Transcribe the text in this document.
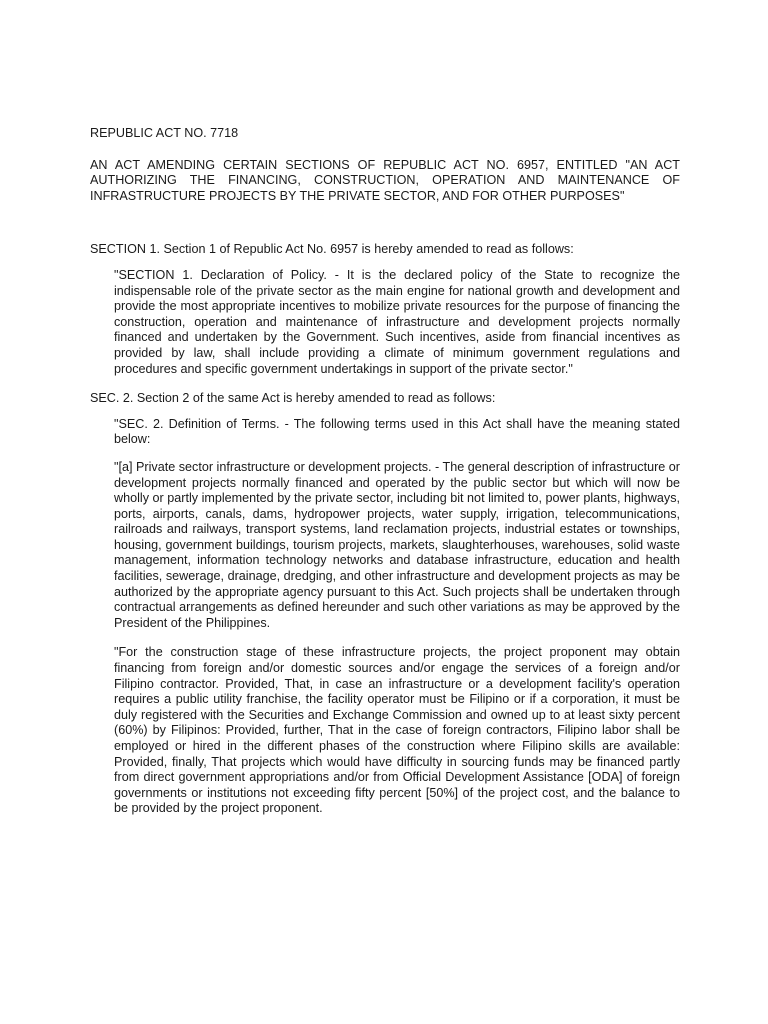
REPUBLIC ACT NO. 7718

AN ACT AMENDING CERTAIN SECTIONS OF REPUBLIC ACT NO. 6957, ENTITLED "AN ACT AUTHORIZING THE FINANCING, CONSTRUCTION, OPERATION AND MAINTENANCE OF INFRASTRUCTURE PROJECTS BY THE PRIVATE SECTOR, AND FOR OTHER PURPOSES"

SECTION 1. Section 1 of Republic Act No. 6957 is hereby amended to read as follows:

"SECTION 1. Declaration of Policy. - It is the declared policy of the State to recognize the indispensable role of the private sector as the main engine for national growth and development and provide the most appropriate incentives to mobilize private resources for the purpose of financing the construction, operation and maintenance of infrastructure and development projects normally financed and undertaken by the Government. Such incentives, aside from financial incentives as provided by law, shall include providing a climate of minimum government regulations and procedures and specific government undertakings in support of the private sector."

SEC. 2. Section 2 of the same Act is hereby amended to read as follows:

"SEC. 2. Definition of Terms. - The following terms used in this Act shall have the meaning stated below:

"[a] Private sector infrastructure or development projects. - The general description of infrastructure or development projects normally financed and operated by the public sector but which will now be wholly or partly implemented by the private sector, including bit not limited to, power plants, highways, ports, airports, canals, dams, hydropower projects, water supply, irrigation, telecommunications, railroads and railways, transport systems, land reclamation projects, industrial estates or townships, housing, government buildings, tourism projects, markets, slaughterhouses, warehouses, solid waste management, information technology networks and database infrastructure, education and health facilities, sewerage, drainage, dredging, and other infrastructure and development projects as may be authorized by the appropriate agency pursuant to this Act. Such projects shall be undertaken through contractual arrangements as defined hereunder and such other variations as may be approved by the President of the Philippines.

"For the construction stage of these infrastructure projects, the project proponent may obtain financing from foreign and/or domestic sources and/or engage the services of a foreign and/or Filipino contractor. Provided, That, in case an infrastructure or a development facility's operation requires a public utility franchise, the facility operator must be Filipino or if a corporation, it must be duly registered with the Securities and Exchange Commission and owned up to at least sixty percent (60%) by Filipinos: Provided, further, That in the case of foreign contractors, Filipino labor shall be employed or hired in the different phases of the construction where Filipino skills are available: Provided, finally, That projects which would have difficulty in sourcing funds may be financed partly from direct government appropriations and/or from Official Development Assistance [ODA] of foreign governments or institutions not exceeding fifty percent [50%] of the project cost, and the balance to be provided by the project proponent.
